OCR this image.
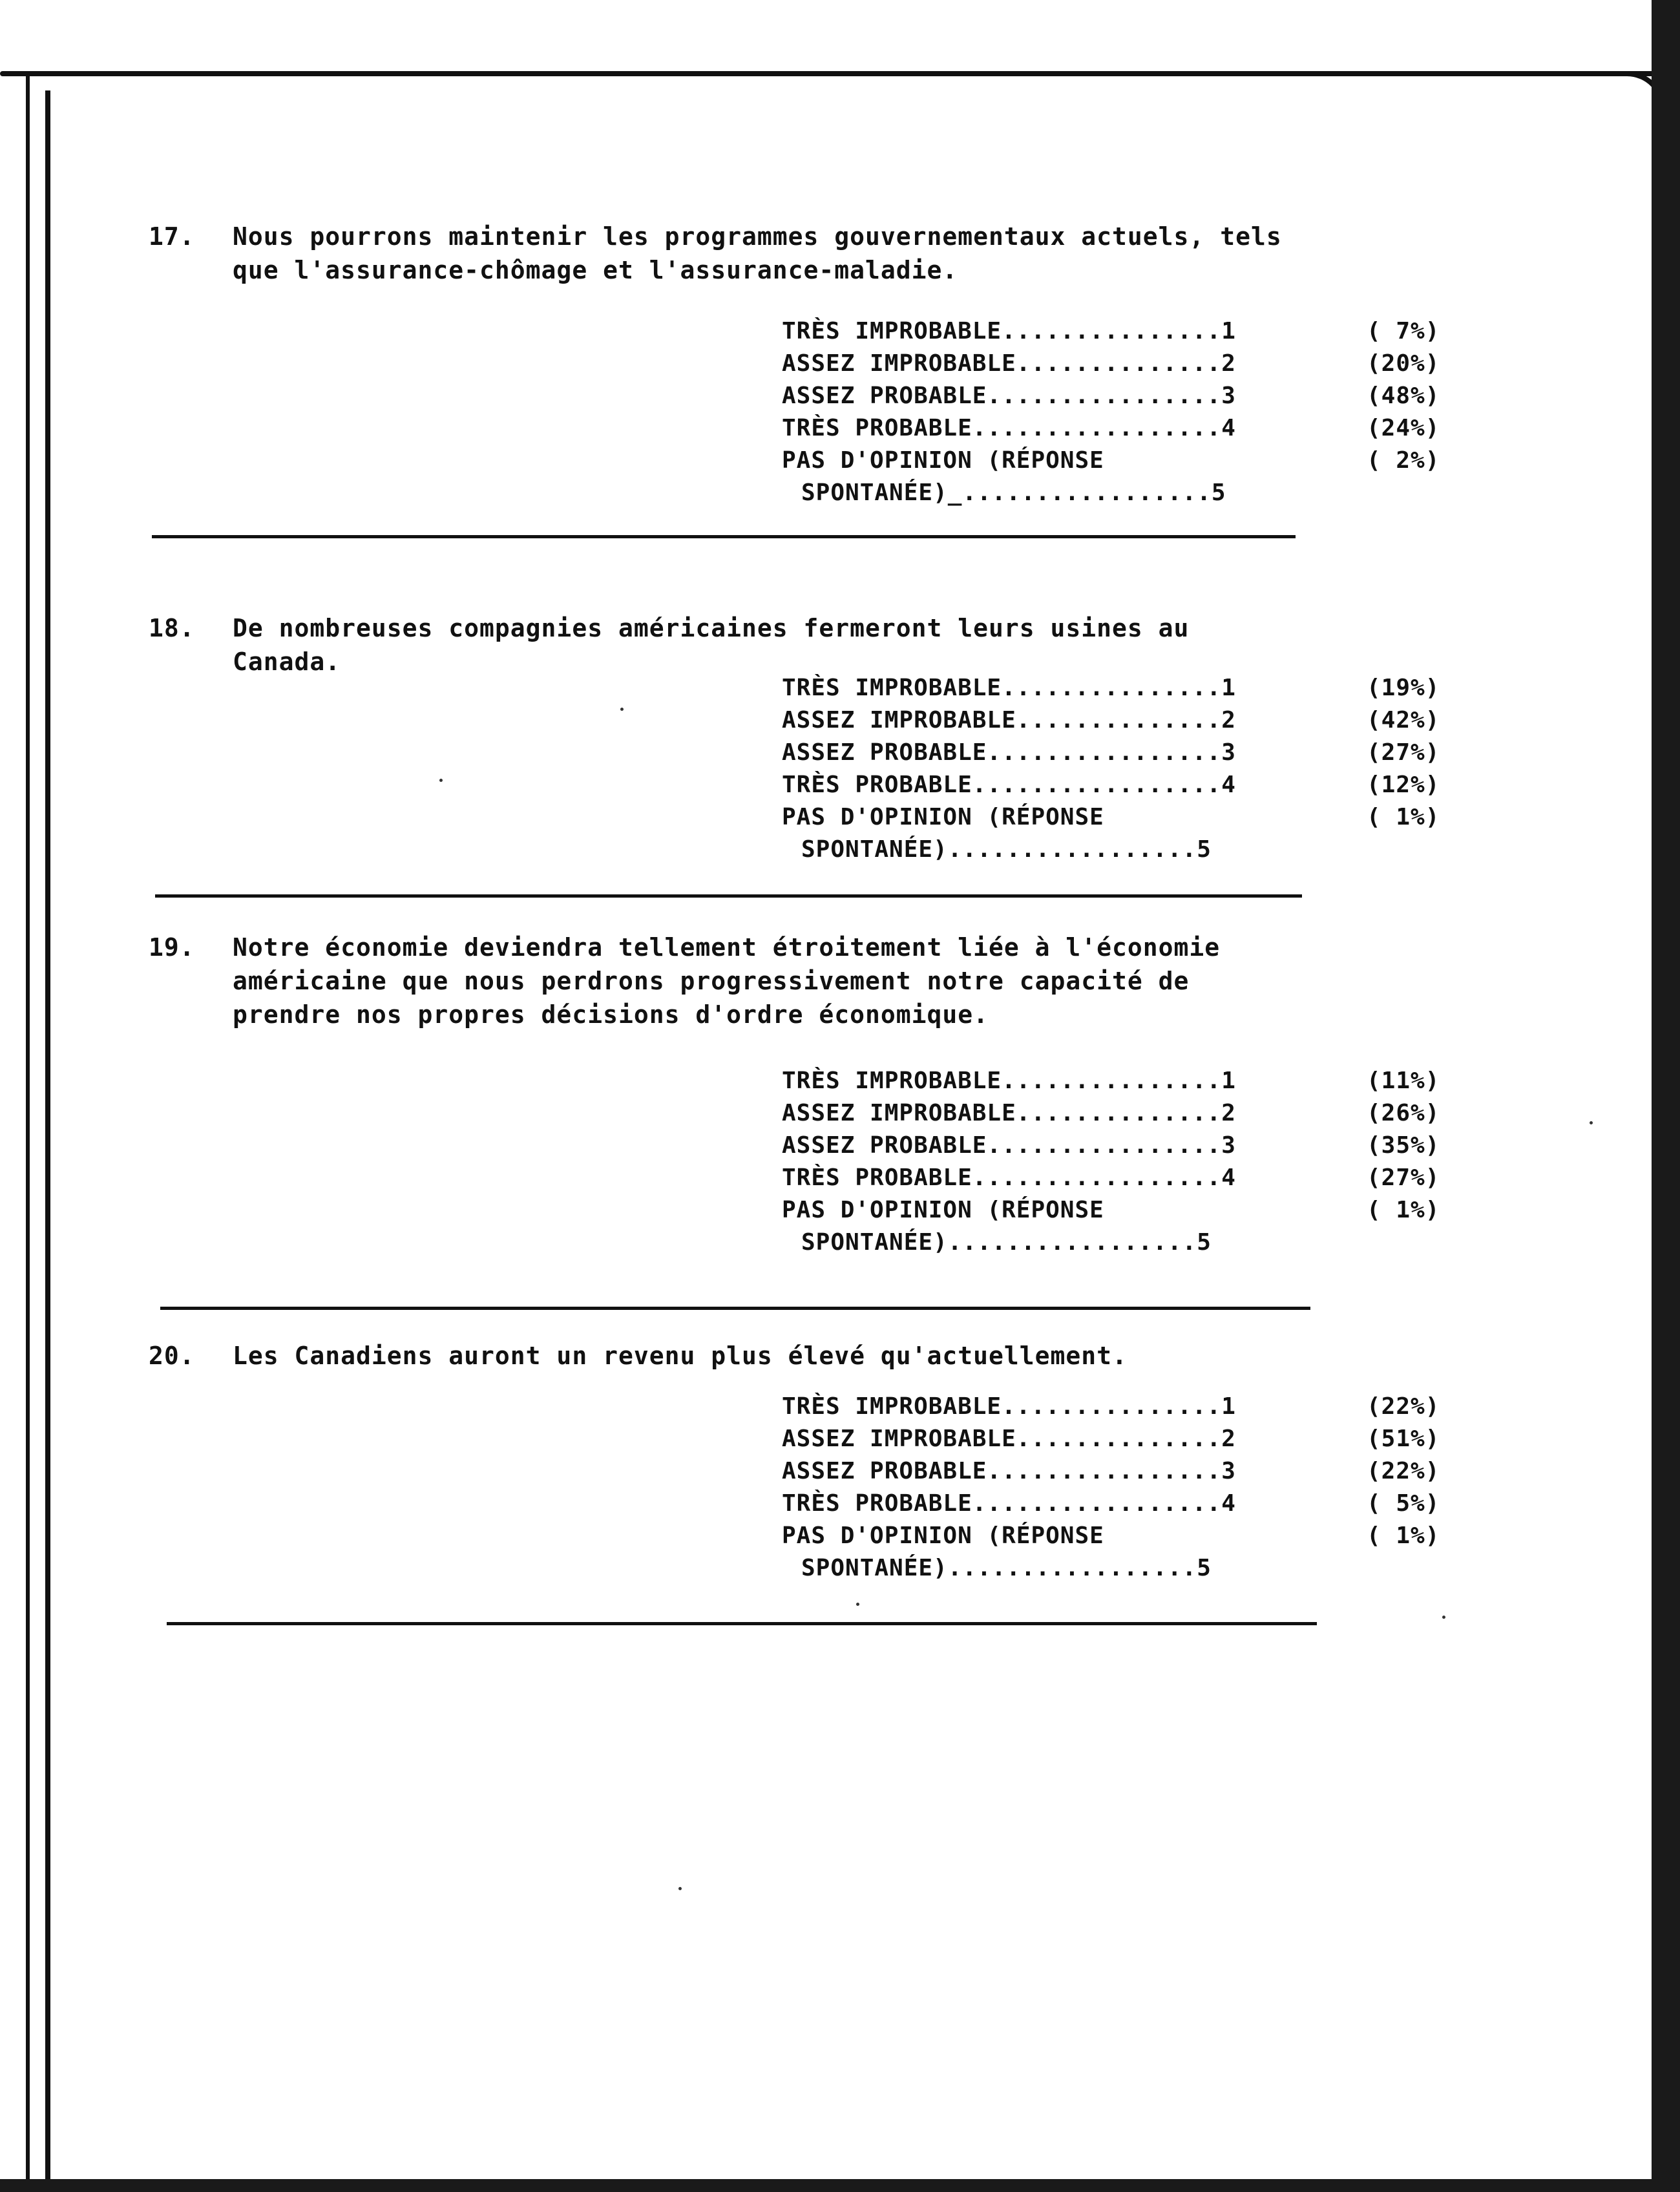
17.	Nous pourrons maintenir les programmes gouvernementaux actuels, tels que l'assurance-chômage et l'assurance-maladie.
TRÈS IMPROBABLE...............1	( 7%)
ASSEZ IMPROBABLE..............2	(20%)
ASSEZ PROBABLE................3	(48%)
TRÈS PROBABLE.................4	(24%)
PAS D'OPINION (RÉPONSE	( 2%)
SPONTANÉE)_.................5
18.	De nombreuses compagnies américaines fermeront leurs usines au Canada.
TRÈS IMPROBABLE...............1	(19%)
ASSEZ IMPROBABLE..............2	(42%)
ASSEZ PROBABLE................3	(27%)
TRÈS PROBABLE.................4	(12%)
PAS D'OPINION (RÉPONSE	( 1%)
SPONTANÉE).................5
19.	Notre économie deviendra tellement étroitement liée à l'économie américaine que nous perdrons progressivement notre capacité de prendre nos propres décisions d'ordre économique.
TRÈS IMPROBABLE...............1	(11%)
ASSEZ IMPROBABLE..............2	(26%)
ASSEZ PROBABLE................3	(35%)
TRÈS PROBABLE.................4	(27%)
PAS D'OPINION (RÉPONSE	( 1%)
SPONTANÉE).................5
20.	Les Canadiens auront un revenu plus élevé qu'actuellement.
TRÈS IMPROBABLE...............1	(22%)
ASSEZ IMPROBABLE..............2	(51%)
ASSEZ PROBABLE................3	(22%)
TRÈS PROBABLE.................4	( 5%)
PAS D'OPINION (RÉPONSE	( 1%)
SPONTANÉE).................5
